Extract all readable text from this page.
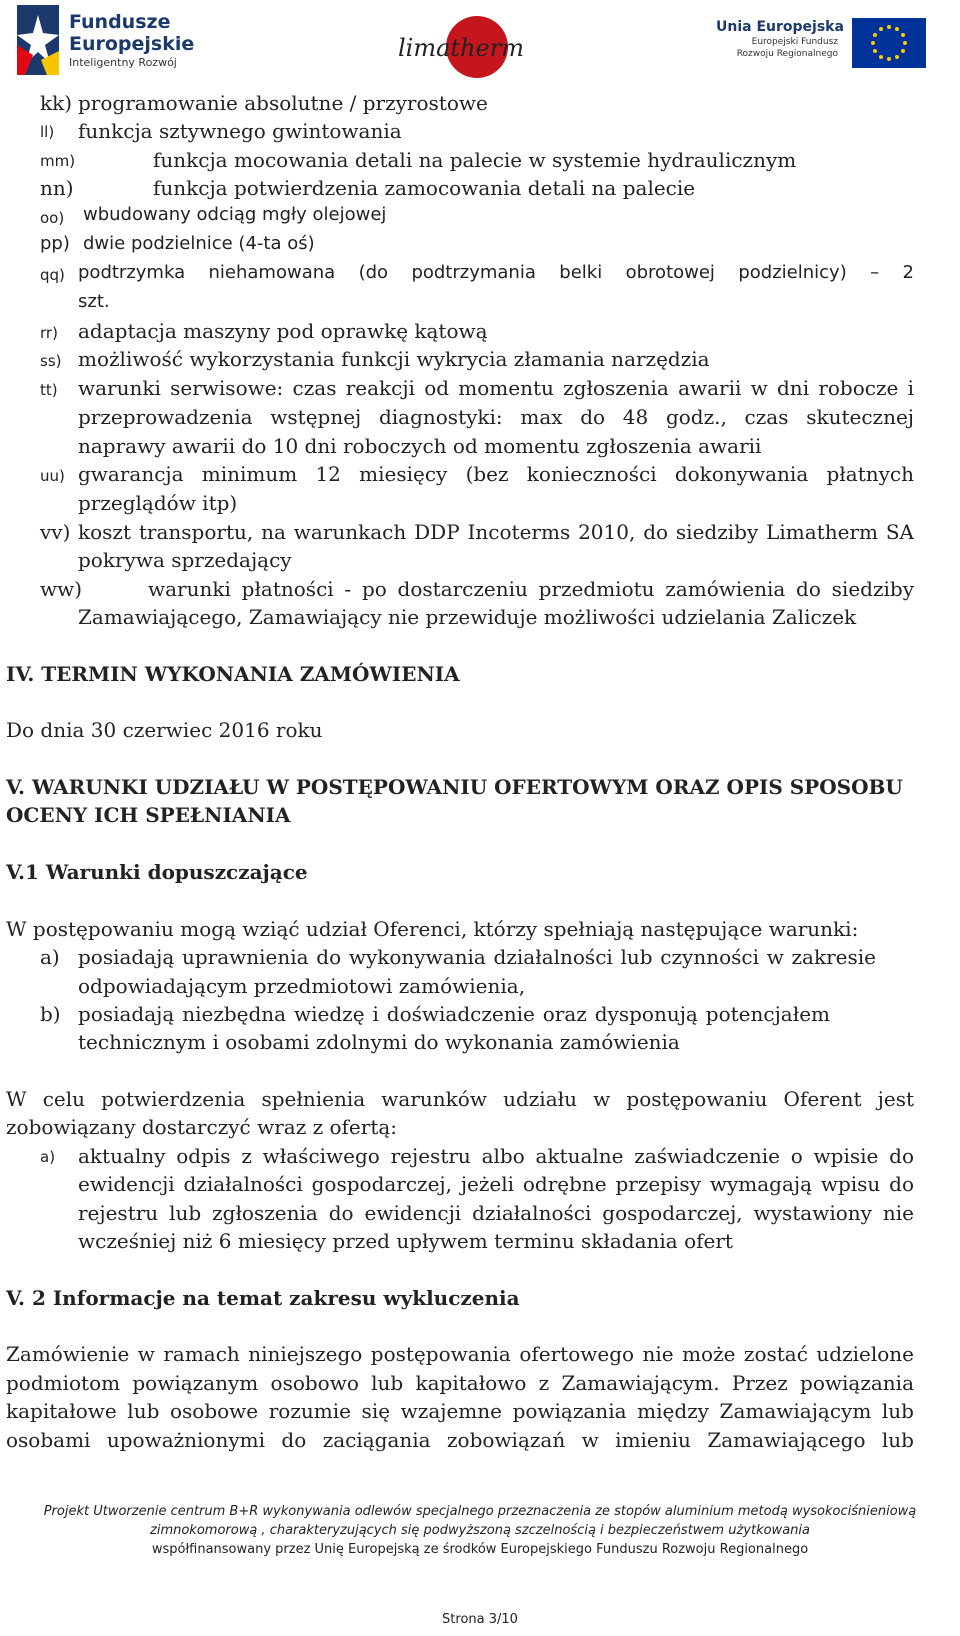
Fundusze
Europejskie
Inteligentny Rozwój
limatherm
Unia Europejska
Europejski Fundusz
Rozwoju Regionalnego
kk) programowanie absolutne / przyrostowe
ll) funkcja sztywnego gwintowania
mm)	funkcja mocowania detali na palecie w systemie hydraulicznym
nn)	funkcja potwierdzenia zamocowania detali na palecie
oo) wbudowany odciąg mgły olejowej
pp) dwie podzielnice (4-ta oś)
qq) podtrzymka niehamowana (do podtrzymania belki obrotowej podzielnicy) – 2
szt.
rr) adaptacja maszyny pod oprawkę kątową
ss) możliwość wykorzystania funkcji wykrycia złamania narzędzia
tt) warunki serwisowe: czas reakcji od momentu zgłoszenia awarii w dni robocze i
przeprowadzenia wstępnej diagnostyki: max do 48 godz., czas skutecznej
naprawy awarii do 10 dni roboczych od momentu zgłoszenia awarii
uu) gwarancja minimum 12 miesięcy (bez konieczności dokonywania płatnych
przeglądów itp)
vv) koszt transportu, na warunkach DDP Incoterms 2010, do siedziby Limatherm SA
pokrywa sprzedający
ww)	warunki płatności - po dostarczeniu przedmiotu zamówienia do siedziby
Zamawiającego, Zamawiający nie przewiduje możliwości udzielania Zaliczek
IV. TERMIN WYKONANIA ZAMÓWIENIA
Do dnia 30 czerwiec 2016 roku
V. WARUNKI UDZIAŁU W POSTĘPOWANIU OFERTOWYM ORAZ OPIS SPOSOBU
OCENY ICH SPEŁNIANIA
V.1 Warunki dopuszczające
W postępowaniu mogą wziąć udział Oferenci, którzy spełniają następujące warunki:
a) posiadają uprawnienia do wykonywania działalności lub czynności w zakresie
odpowiadającym przedmiotowi zamówienia,
b) posiadają niezbędna wiedzę i doświadczenie oraz dysponują potencjałem
technicznym i osobami zdolnymi do wykonania zamówienia
W celu potwierdzenia spełnienia warunków udziału w postępowaniu Oferent jest
zobowiązany dostarczyć wraz z ofertą:
a) aktualny odpis z właściwego rejestru albo aktualne zaświadczenie o wpisie do
ewidencji działalności gospodarczej, jeżeli odrębne przepisy wymagają wpisu do
rejestru lub zgłoszenia do ewidencji działalności gospodarczej, wystawiony nie
wcześniej niż 6 miesięcy przed upływem terminu składania ofert
V. 2 Informacje na temat zakresu wykluczenia
Zamówienie w ramach niniejszego postępowania ofertowego nie może zostać udzielone
podmiotom powiązanym osobowo lub kapitałowo z Zamawiającym. Przez powiązania
kapitałowe lub osobowe rozumie się wzajemne powiązania między Zamawiającym lub
osobami upoważnionymi do zaciągania zobowiązań w imieniu Zamawiającego lub
Projekt Utworzenie centrum B+R wykonywania odlewów specjalnego przeznaczenia ze stopów aluminium metodą wysokociśnieniową
zimnokomorową , charakteryzujących się podwyższoną szczelnością i bezpieczeństwem użytkowania
współfinansowany przez Unię Europejską ze środków Europejskiego Funduszu Rozwoju Regionalnego
Strona 3/10
